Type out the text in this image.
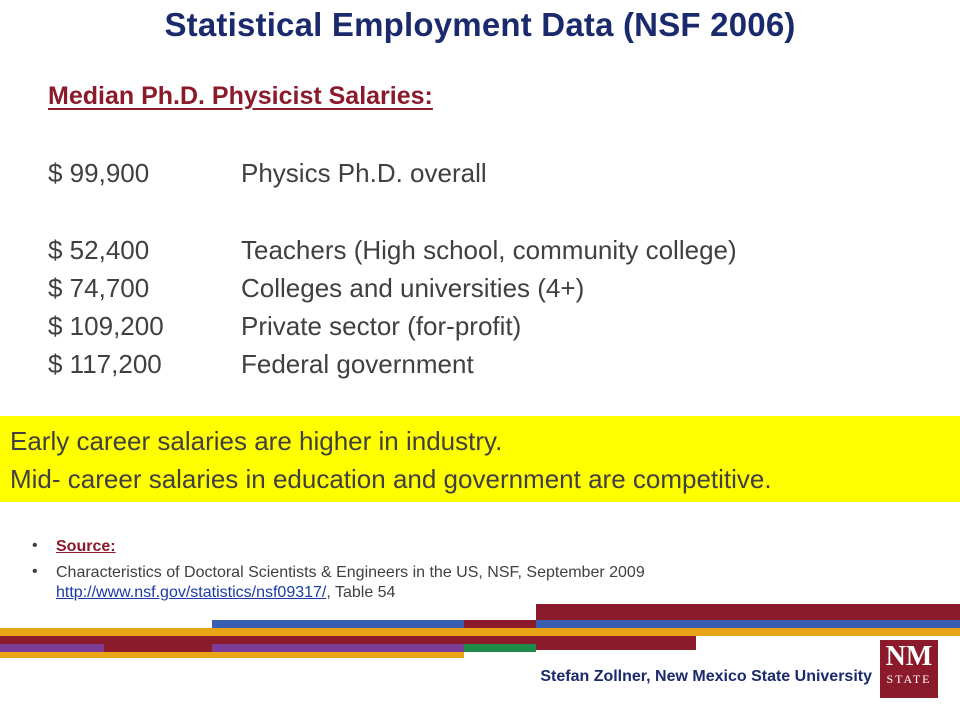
Statistical Employment Data (NSF 2006)
Median Ph.D. Physicist Salaries:
$ 99,900	Physics Ph.D. overall
$ 52,400	Teachers (High school, community college)
$ 74,700	Colleges and universities (4+)
$ 109,200	Private sector (for-profit)
$ 117,200	Federal government
Early career salaries are higher in industry.
Mid- career salaries in education and government are competitive.
• Source:
• Characteristics of Doctoral Scientists & Engineers in the US, NSF, September 2009
http://www.nsf.gov/statistics/nsf09317/, Table 54
Stefan Zollner, New Mexico State University
NM
STATE
